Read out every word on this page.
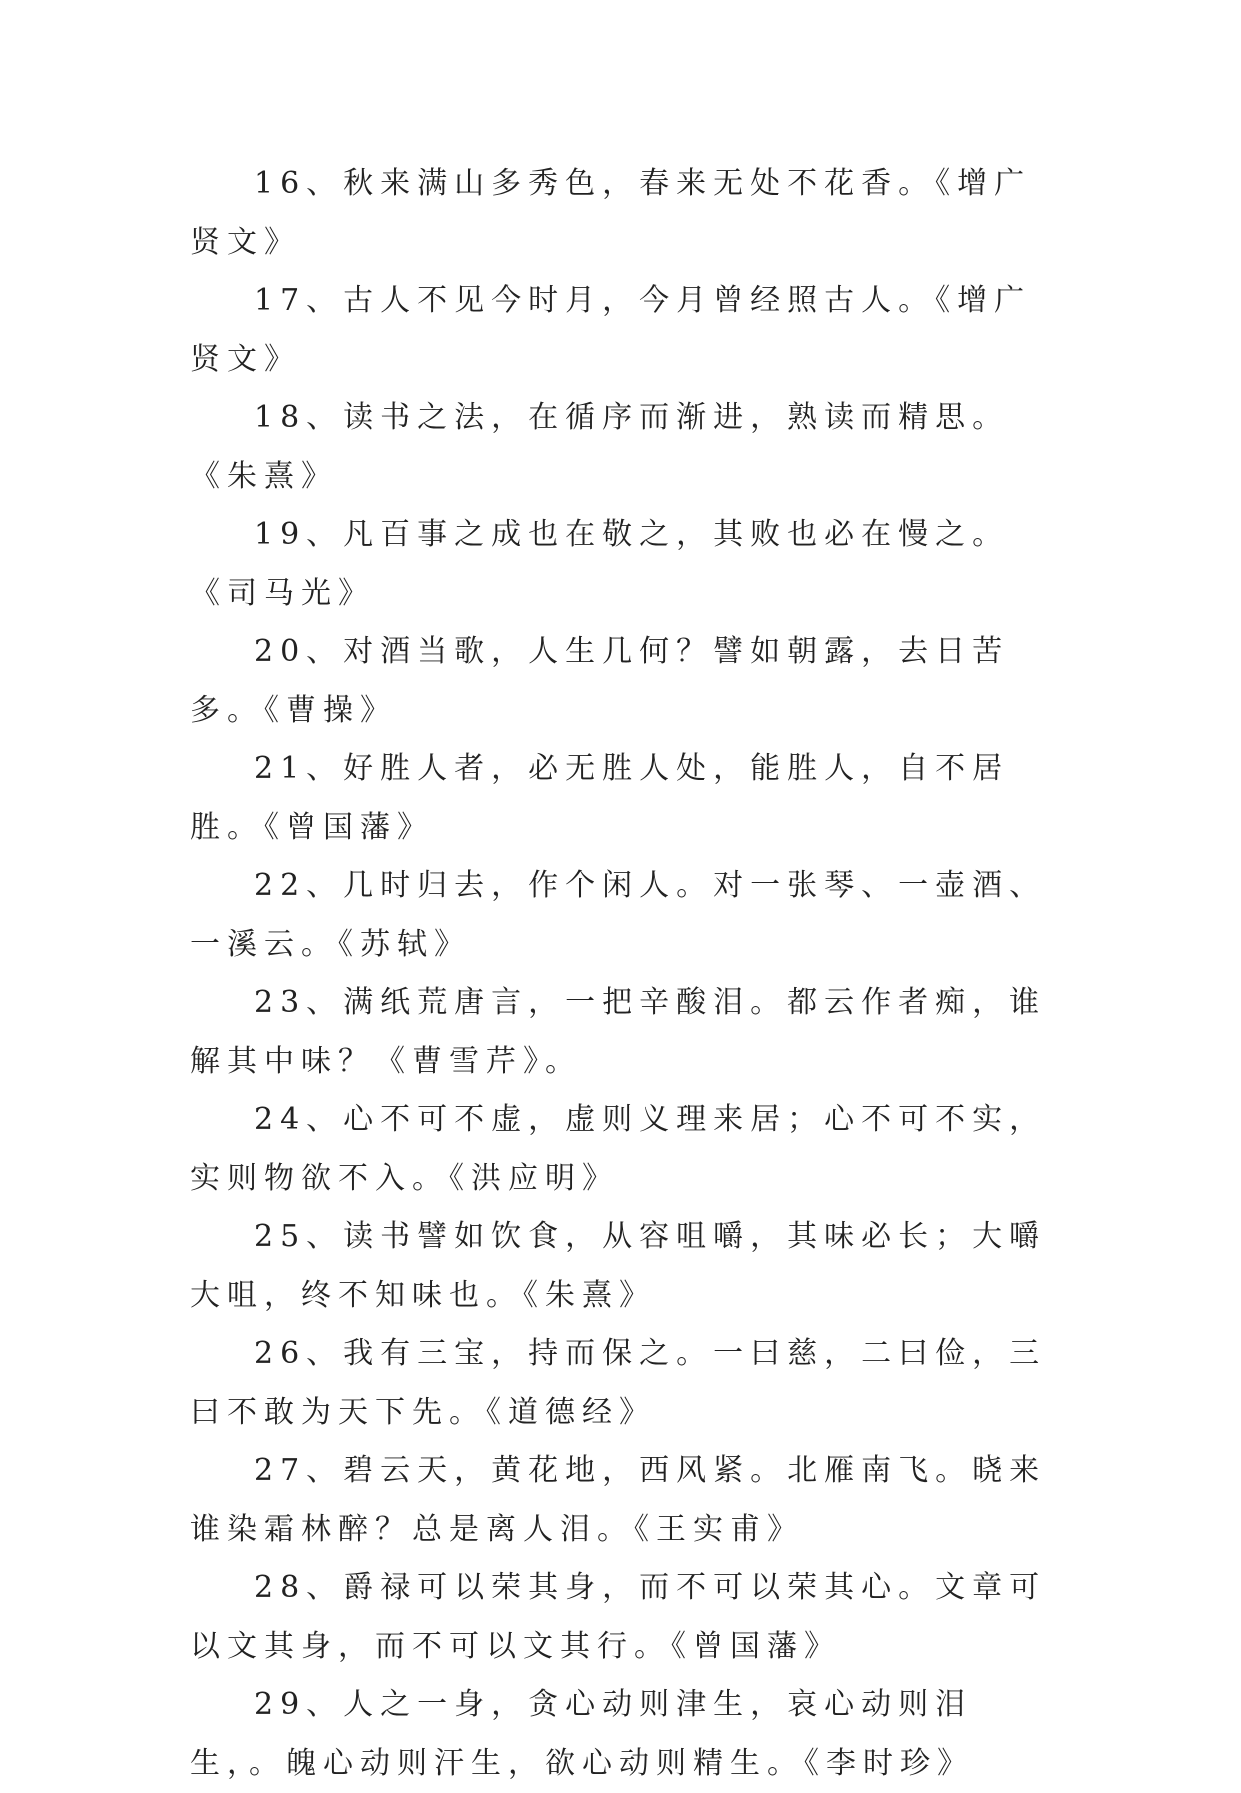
16、秋来满山多秀色，春来无处不花香。《增广贤文》

17、古人不见今时月，今月曾经照古人。《增广贤文》

18、读书之法，在循序而渐进，熟读而精思。《朱熹》

19、凡百事之成也在敬之，其败也必在慢之。《司马光》

20、对酒当歌，人生几何？譬如朝露，去日苦多。《曹操》

21、好胜人者，必无胜人处，能胜人，自不居胜。《曾国藩》

22、几时归去，作个闲人。对一张琴、一壶酒、一溪云。《苏轼》

23、满纸荒唐言，一把辛酸泪。都云作者痴，谁解其中味？《曹雪芹》。

24、心不可不虚，虚则义理来居；心不可不实，实则物欲不入。《洪应明》

25、读书譬如饮食，从容咀嚼，其味必长；大嚼大咀，终不知味也。《朱熹》

26、我有三宝，持而保之。一曰慈，二曰俭，三曰不敢为天下先。《道德经》

27、碧云天，黄花地，西风紧。北雁南飞。晓来谁染霜林醉？总是离人泪。《王实甫》

28、爵禄可以荣其身，而不可以荣其心。文章可以文其身，而不可以文其行。《曾国藩》

29、人之一身，贪心动则津生，哀心动则泪生，。魄心动则汗生，欲心动则精生。《李时珍》
